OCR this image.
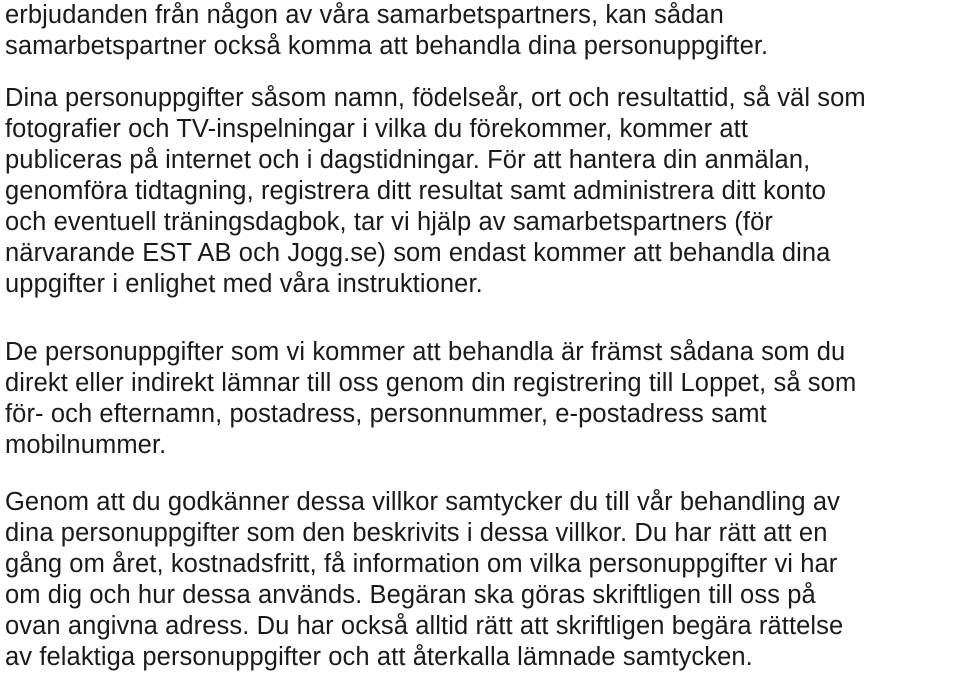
erbjudanden från någon av våra samarbetspartners, kan sådan
samarbetspartner också komma att behandla dina personuppgifter.

Dina personuppgifter såsom namn, födelseår, ort och resultattid, så väl som
fotografier och TV-inspelningar i vilka du förekommer, kommer att
publiceras på internet och i dagstidningar. För att hantera din anmälan,
genomföra tidtagning, registrera ditt resultat samt administrera ditt konto
och eventuell träningsdagbok, tar vi hjälp av samarbetspartners (för
närvarande EST AB och Jogg.se) som endast kommer att behandla dina
uppgifter i enlighet med våra instruktioner.

De personuppgifter som vi kommer att behandla är främst sådana som du
direkt eller indirekt lämnar till oss genom din registrering till Loppet, så som
för- och efternamn, postadress, personnummer, e-postadress samt
mobilnummer.

Genom att du godkänner dessa villkor samtycker du till vår behandling av
dina personuppgifter som den beskrivits i dessa villkor. Du har rätt att en
gång om året, kostnadsfritt, få information om vilka personuppgifter vi har
om dig och hur dessa används. Begäran ska göras skriftligen till oss på
ovan angivna adress. Du har också alltid rätt att skriftligen begära rättelse
av felaktiga personuppgifter och att återkalla lämnade samtycken.
